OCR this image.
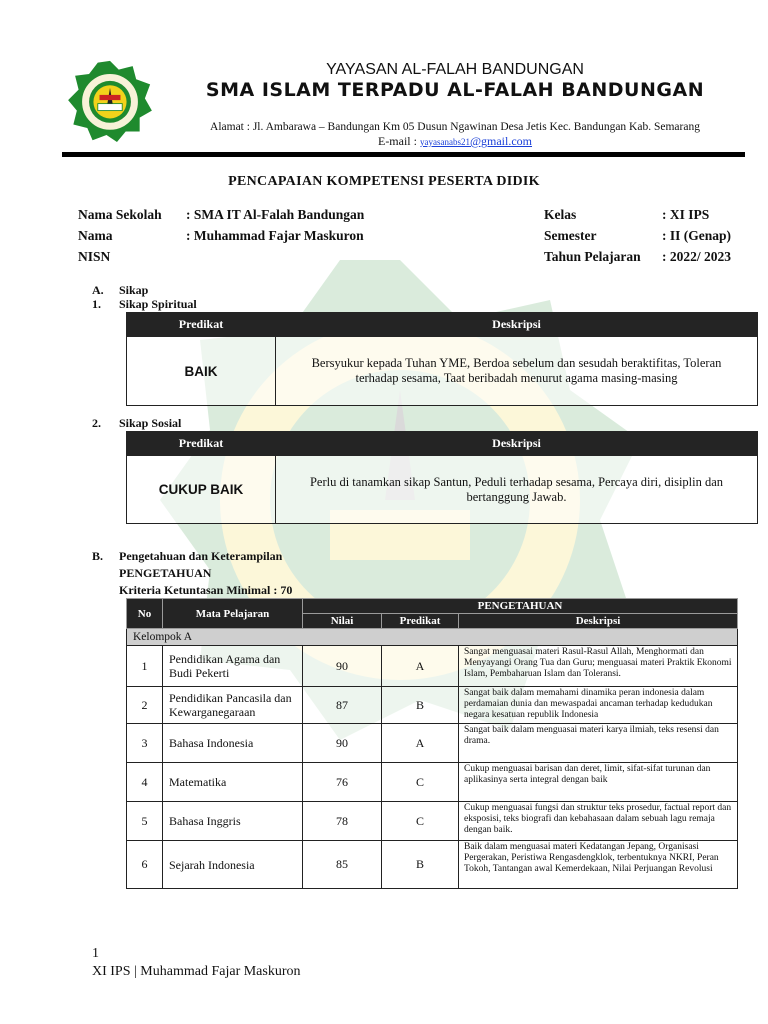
YAYASAN AL-FALAH BANDUNGAN
SMA ISLAM TERPADU AL-FALAH BANDUNGAN
Alamat : Jl. Ambarawa – Bandungan Km 05 Dusun Ngawinan Desa Jetis Kec. Bandungan Kab. Semarang
E-mail : yayasanabs21@gmail.com
PENCAPAIAN KOMPETENSI PESERTA DIDIK
Nama Sekolah : SMA IT Al-Falah Bandungan
Nama	: Muhammad Fajar Maskuron
NISN
Kelas	: XI IPS
Semester	: II (Genap)
Tahun Pelajaran : 2022/ 2023
A. Sikap
1. Sikap Spiritual
Predikat	Deskripsi
BAIK	Bersyukur kepada Tuhan YME, Berdoa sebelum dan sesudah beraktifitas, Toleran terhadap sesama, Taat beribadah menurut agama masing-masing
2. Sikap Sosial
Predikat	Deskripsi
CUKUP BAIK	Perlu di tanamkan sikap Santun, Peduli terhadap sesama, Percaya diri, disiplin dan bertanggung Jawab.
B. Pengetahuan dan Keterampilan
PENGETAHUAN
Kriteria Ketuntasan Minimal : 70
No	Mata Pelajaran	PENGETAHUAN		
		Nilai	Predikat	Deskripsi
Kelompok A				
1	Pendidikan Agama dan Budi Pekerti	90	A	Sangat menguasai materi Rasul-Rasul Allah, Menghormati dan Menyayangi Orang Tua dan Guru; menguasai materi Praktik Ekonomi Islam, Pembaharuan Islam dan Toleransi.
2	Pendidikan Pancasila dan Kewarganegaraan	87	B	Sangat baik dalam memahami dinamika peran indonesia dalam perdamaian dunia dan mewaspadai ancaman terhadap kedudukan negara kesatuan republik Indonesia
3	Bahasa Indonesia	90	A	Sangat baik dalam menguasai materi karya ilmiah, teks resensi dan drama.
4	Matematika	76	C	Cukup menguasai barisan dan deret, limit, sifat-sifat turunan dan aplikasinya serta integral dengan baik
5	Bahasa Inggris	78	C	Cukup menguasai fungsi dan struktur teks prosedur, factual report dan eksposisi, teks biografi dan kebahasaan dalam sebuah lagu remaja dengan baik.
6	Sejarah Indonesia	85	B	Baik dalam menguasai materi Kedatangan Jepang, Organisasi Pergerakan, Peristiwa Rengasdengklok, terbentuknya NKRI, Peran Tokoh, Tantangan awal Kemerdekaan, Nilai Perjuangan Revolusi
1
XI IPS | Muhammad Fajar Maskuron
